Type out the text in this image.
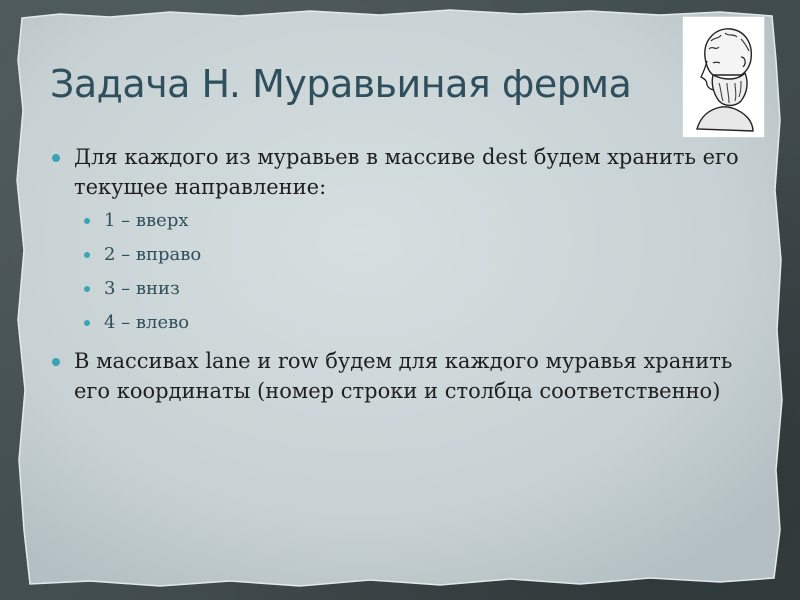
Задача H. Муравьиная ферма
Для каждого из муравьев в массиве dest будем хранить его текущее направление:
1 – вверх
2 – вправо
3 – вниз
4 – влево
В массивах lane и row будем для каждого муравья хранить его координаты (номер строки и столбца соответственно)
